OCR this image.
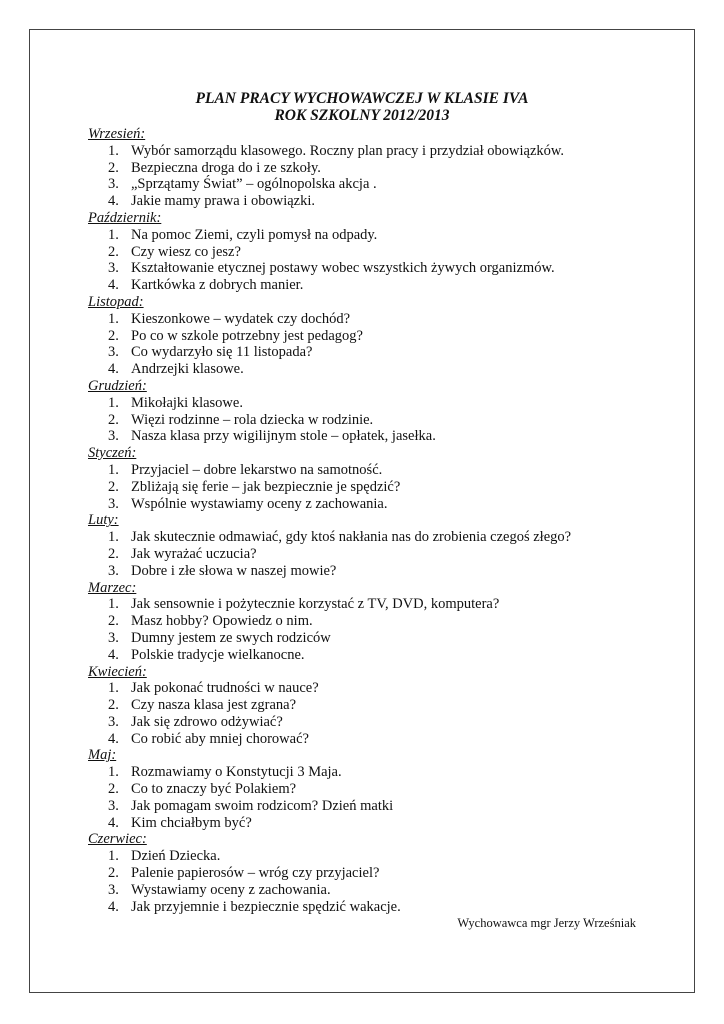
PLAN PRACY WYCHOWAWCZEJ W KLASIE IVA
ROK SZKOLNY 2012/2013
Wrzesień:
1. Wybór samorządu klasowego. Roczny plan pracy i przydział obowiązków.
2. Bezpieczna droga do i ze szkoły.
3. „Sprzątamy Świat” – ogólnopolska akcja .
4. Jakie mamy prawa i obowiązki.
Październik:
1. Na pomoc Ziemi, czyli pomysł na odpady.
2. Czy wiesz co jesz?
3. Kształtowanie etycznej postawy wobec wszystkich żywych organizmów.
4. Kartkówka z dobrych manier.
Listopad:
1. Kieszonkowe – wydatek czy dochód?
2. Po co w szkole potrzebny jest pedagog?
3. Co wydarzyło się 11 listopada?
4. Andrzejki klasowe.
Grudzień:
1. Mikołajki klasowe.
2. Więzi rodzinne – rola dziecka w rodzinie.
3. Nasza klasa przy wigilijnym stole – opłatek, jasełka.
Styczeń:
1. Przyjaciel – dobre lekarstwo na samotność.
2. Zbliżają się ferie – jak bezpiecznie je spędzić?
3. Wspólnie wystawiamy oceny z zachowania.
Luty:
1. Jak skutecznie odmawiać, gdy ktoś nakłania nas do zrobienia czegoś złego?
2. Jak wyrażać uczucia?
3. Dobre i złe słowa w naszej mowie?
Marzec:
1. Jak sensownie i pożytecznie korzystać z TV, DVD, komputera?
2. Masz hobby? Opowiedz o nim.
3. Dumny jestem ze swych rodziców
4. Polskie tradycje wielkanocne.
Kwiecień:
1. Jak pokonać trudności w nauce?
2. Czy nasza klasa jest zgrana?
3. Jak się zdrowo odżywiać?
4. Co robić aby mniej chorować?
Maj:
1. Rozmawiamy o Konstytucji 3 Maja.
2. Co to znaczy być Polakiem?
3. Jak pomagam swoim rodzicom? Dzień matki
4. Kim chciałbym być?
Czerwiec:
1. Dzień Dziecka.
2. Palenie papierosów – wróg czy przyjaciel?
3. Wystawiamy oceny z zachowania.
4. Jak przyjemnie i bezpiecznie spędzić wakacje.
Wychowawca mgr Jerzy Wrześniak
